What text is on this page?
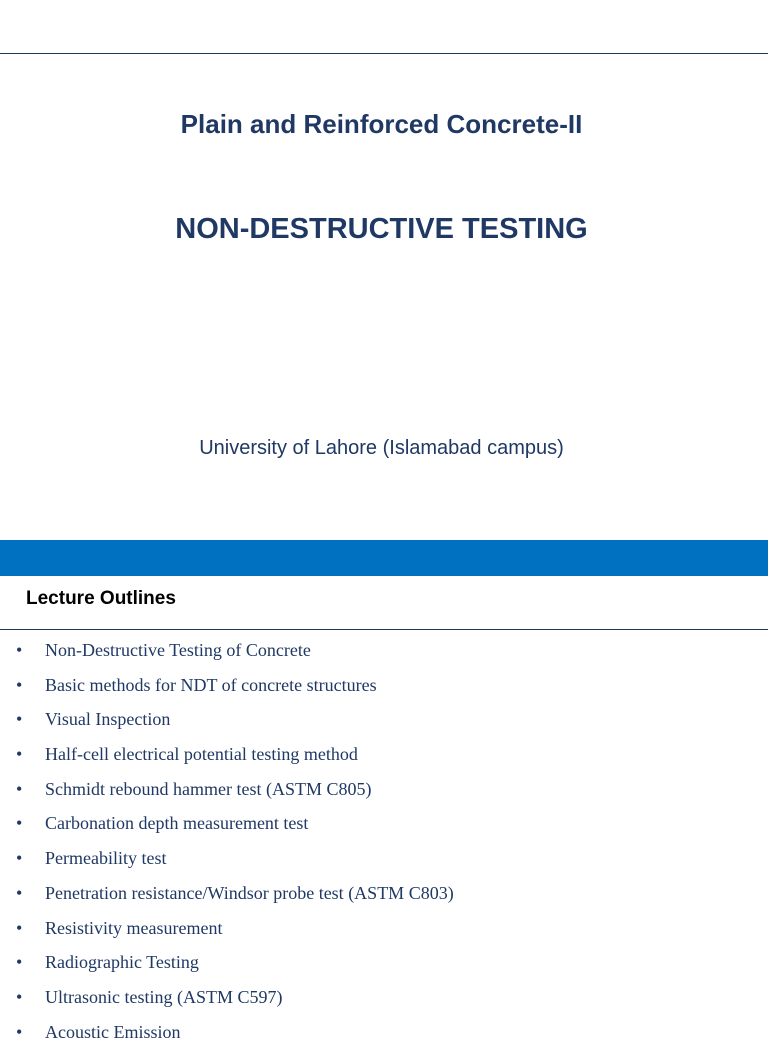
Plain and Reinforced Concrete-II
NON-DESTRUCTIVE TESTING
University of Lahore (Islamabad campus)
Lecture Outlines
• Non-Destructive Testing of Concrete
• Basic methods for NDT of concrete structures
• Visual Inspection
• Half-cell electrical potential testing method
• Schmidt rebound hammer test (ASTM C805)
• Carbonation depth measurement test
• Permeability test
• Penetration resistance/Windsor probe test (ASTM C803)
• Resistivity measurement
• Radiographic Testing
• Ultrasonic testing (ASTM C597)
• Acoustic Emission
